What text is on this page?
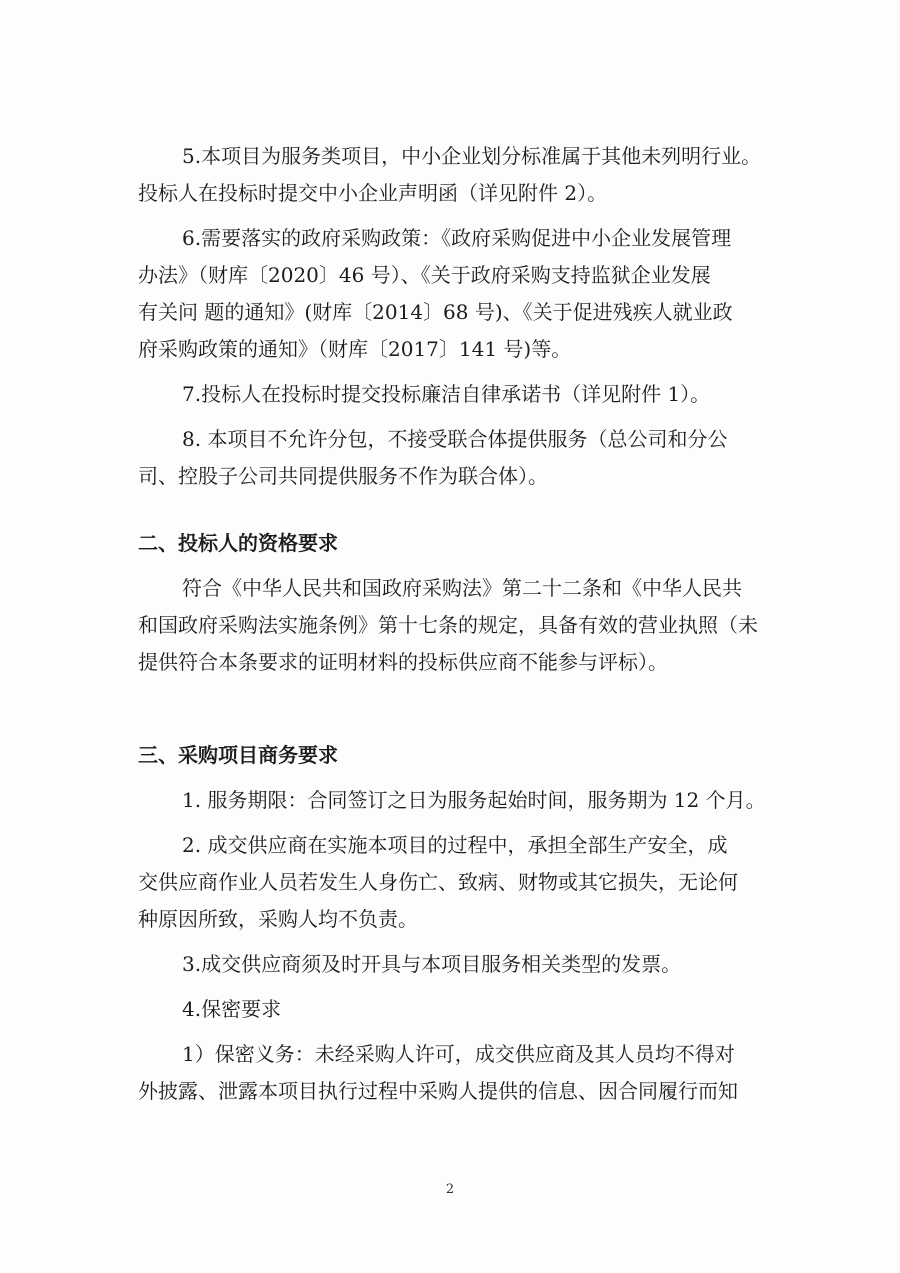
5.本项目为服务类项目，中小企业划分标准属于其他未列明行业。
投标人在投标时提交中小企业声明函（详见附件 2）。

6.需要落实的政府采购政策：《政府采购促进中小企业发展管理
办法》（财库〔2020〕46 号）、《关于政府采购支持监狱企业发展
有关问 题的通知》(财库〔2014〕68 号)、《关于促进残疾人就业政
府采购政策的通知》（财库〔2017〕141 号)等。

7.投标人在投标时提交投标廉洁自律承诺书（详见附件 1）。

8. 本项目不允许分包，不接受联合体提供服务（总公司和分公
司、控股子公司共同提供服务不作为联合体）。

二、投标人的资格要求

符合《中华人民共和国政府采购法》第二十二条和《中华人民共
和国政府采购法实施条例》第十七条的规定，具备有效的营业执照（未
提供符合本条要求的证明材料的投标供应商不能参与评标）。

三、采购项目商务要求

1. 服务期限：合同签订之日为服务起始时间，服务期为 12 个月。

2. 成交供应商在实施本项目的过程中，承担全部生产安全，成
交供应商作业人员若发生人身伤亡、致病、财物或其它损失，无论何
种原因所致，采购人均不负责。

3.成交供应商须及时开具与本项目服务相关类型的发票。

4.保密要求

1）保密义务：未经采购人许可，成交供应商及其人员均不得对
外披露、泄露本项目执行过程中采购人提供的信息、因合同履行而知

2
